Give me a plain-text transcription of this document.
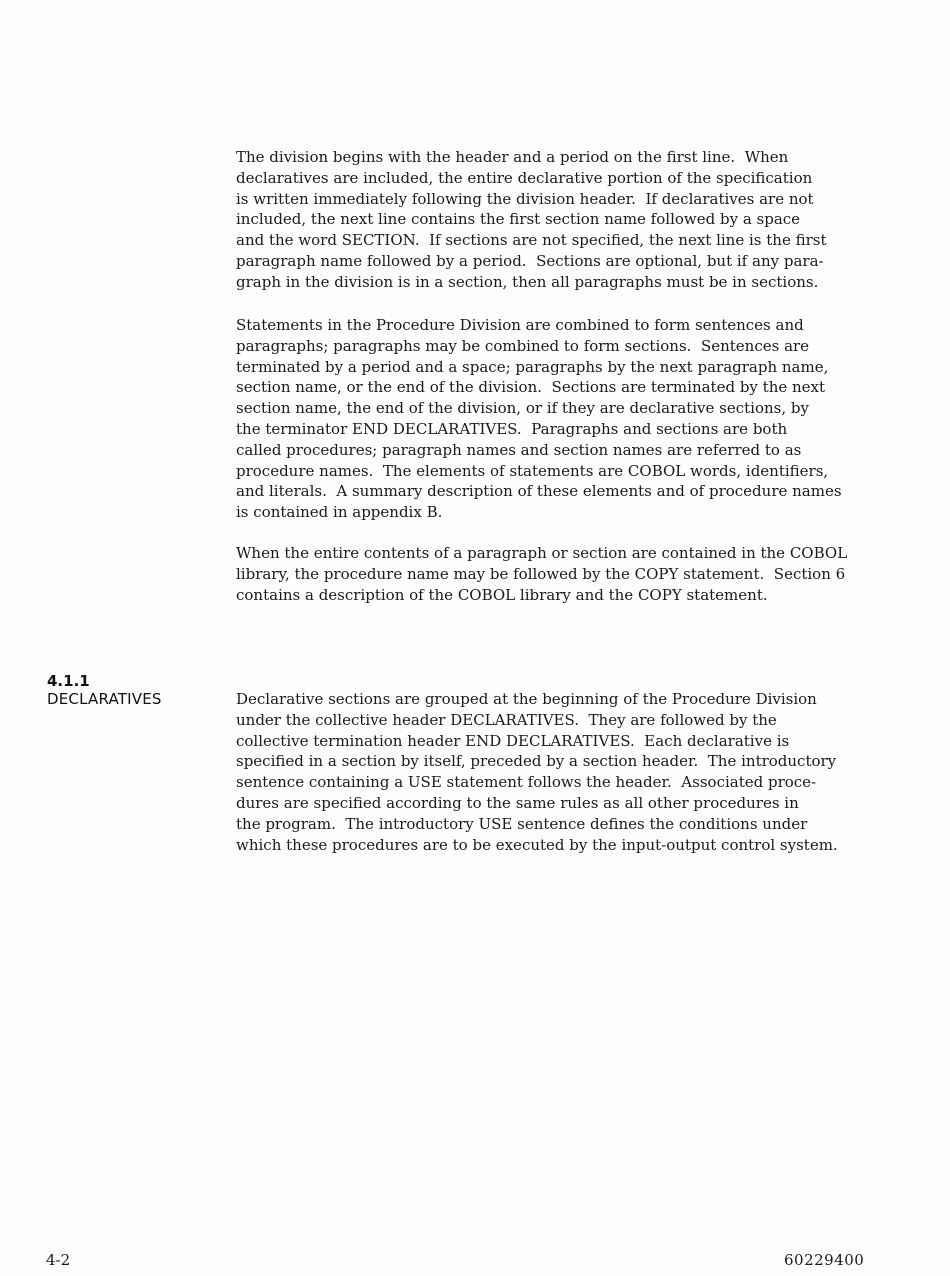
The division begins with the header and a period on the first line.  When
declaratives are included, the entire declarative portion of the specification
is written immediately following the division header.  If declaratives are not
included, the next line contains the first section name followed by a space
and the word SECTION.  If sections are not specified, the next line is the first
paragraph name followed by a period.  Sections are optional, but if any para-
graph in the division is in a section, then all paragraphs must be in sections.
Statements in the Procedure Division are combined to form sentences and
paragraphs; paragraphs may be combined to form sections.  Sentences are
terminated by a period and a space; paragraphs by the next paragraph name,
section name, or the end of the division.  Sections are terminated by the next
section name, the end of the division, or if they are declarative sections, by
the terminator END DECLARATIVES.  Paragraphs and sections are both
called procedures; paragraph names and section names are referred to as
procedure names.  The elements of statements are COBOL words, identifiers,
and literals.  A summary description of these elements and of procedure names
is contained in appendix B.
When the entire contents of a paragraph or section are contained in the COBOL
library, the procedure name may be followed by the COPY statement.  Section 6
contains a description of the COBOL library and the COPY statement.
4.1.1
DECLARATIVES	Declarative sections are grouped at the beginning of the Procedure Division
under the collective header DECLARATIVES.  They are followed by the
collective termination header END DECLARATIVES.  Each declarative is
specified in a section by itself, preceded by a section header.  The introductory
sentence containing a USE statement follows the header.  Associated proce-
dures are specified according to the same rules as all other procedures in
the program.  The introductory USE sentence defines the conditions under
which these procedures are to be executed by the input-output control system.
4-2	60229400
